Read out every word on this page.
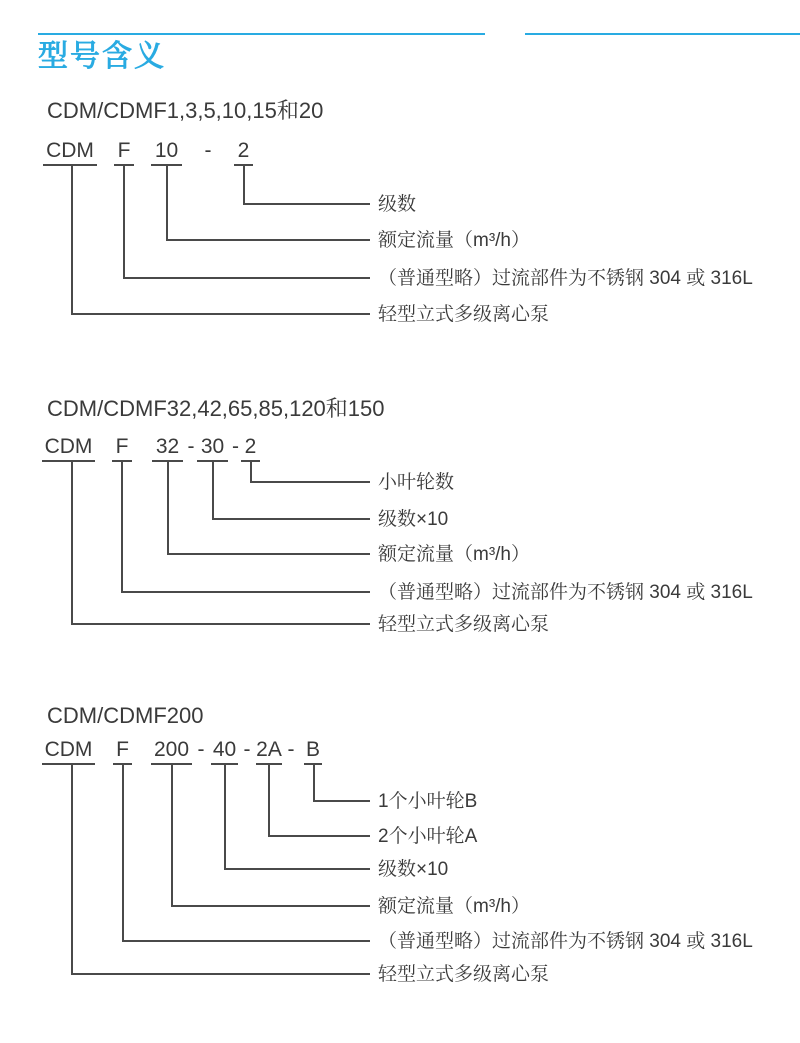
型号含义
CDM/CDMF1,3,5,10,15和20
CDM F 10 - 2
级数
额定流量（m³/h）
（普通型略）过流部件为不锈钢 304 或 316L
轻型立式多级离心泵
CDM/CDMF32,42,65,85,120和150
CDM F 32 - 30 - 2
小叶轮数
级数×10
额定流量（m³/h）
（普通型略）过流部件为不锈钢 304 或 316L
轻型立式多级离心泵
CDM/CDMF200
CDM F 200 - 40 - 2A - B
1个小叶轮B
2个小叶轮A
级数×10
额定流量（m³/h）
（普通型略）过流部件为不锈钢 304 或 316L
轻型立式多级离心泵
